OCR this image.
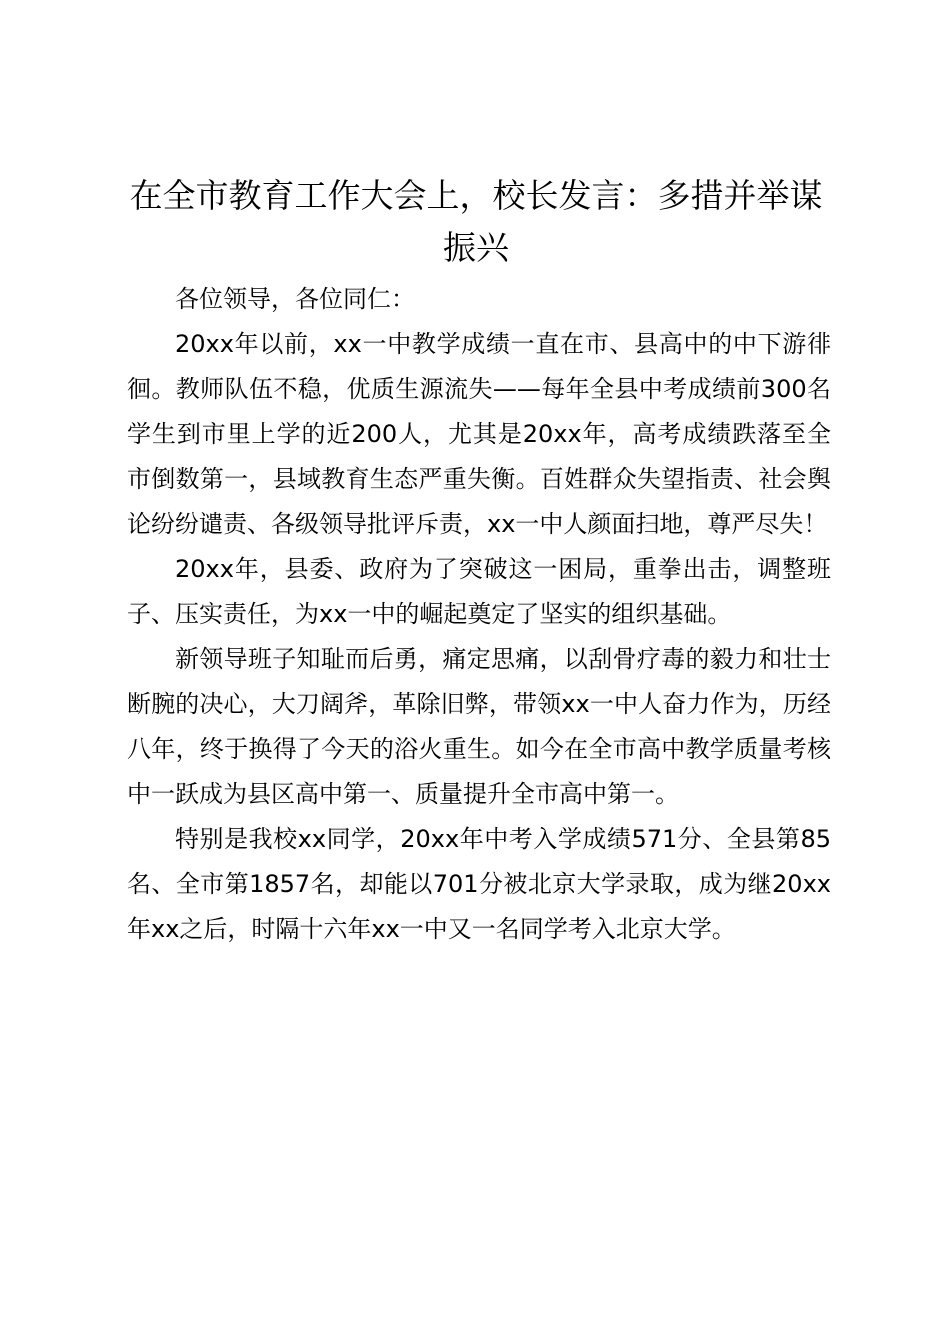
在全市教育工作大会上，校长发言：多措并举谋振兴

各位领导，各位同仁：

20xx年以前，xx一中教学成绩一直在市、县高中的中下游徘徊。教师队伍不稳，优质生源流失——每年全县中考成绩前300名学生到市里上学的近200人，尤其是20xx年，高考成绩跌落至全市倒数第一，县域教育生态严重失衡。百姓群众失望指责、社会舆论纷纷谴责、各级领导批评斥责，xx一中人颜面扫地，尊严尽失！

20xx年，县委、政府为了突破这一困局，重拳出击，调整班子、压实责任，为xx一中的崛起奠定了坚实的组织基础。

新领导班子知耻而后勇，痛定思痛，以刮骨疗毒的毅力和壮士断腕的决心，大刀阔斧，革除旧弊，带领xx一中人奋力作为，历经八年，终于换得了今天的浴火重生。如今在全市高中教学质量考核中一跃成为县区高中第一、质量提升全市高中第一。

特别是我校xx同学，20xx年中考入学成绩571分、全县第85名、全市第1857名，却能以701分被北京大学录取，成为继20xx年xx之后，时隔十六年xx一中又一名同学考入北京大学。
